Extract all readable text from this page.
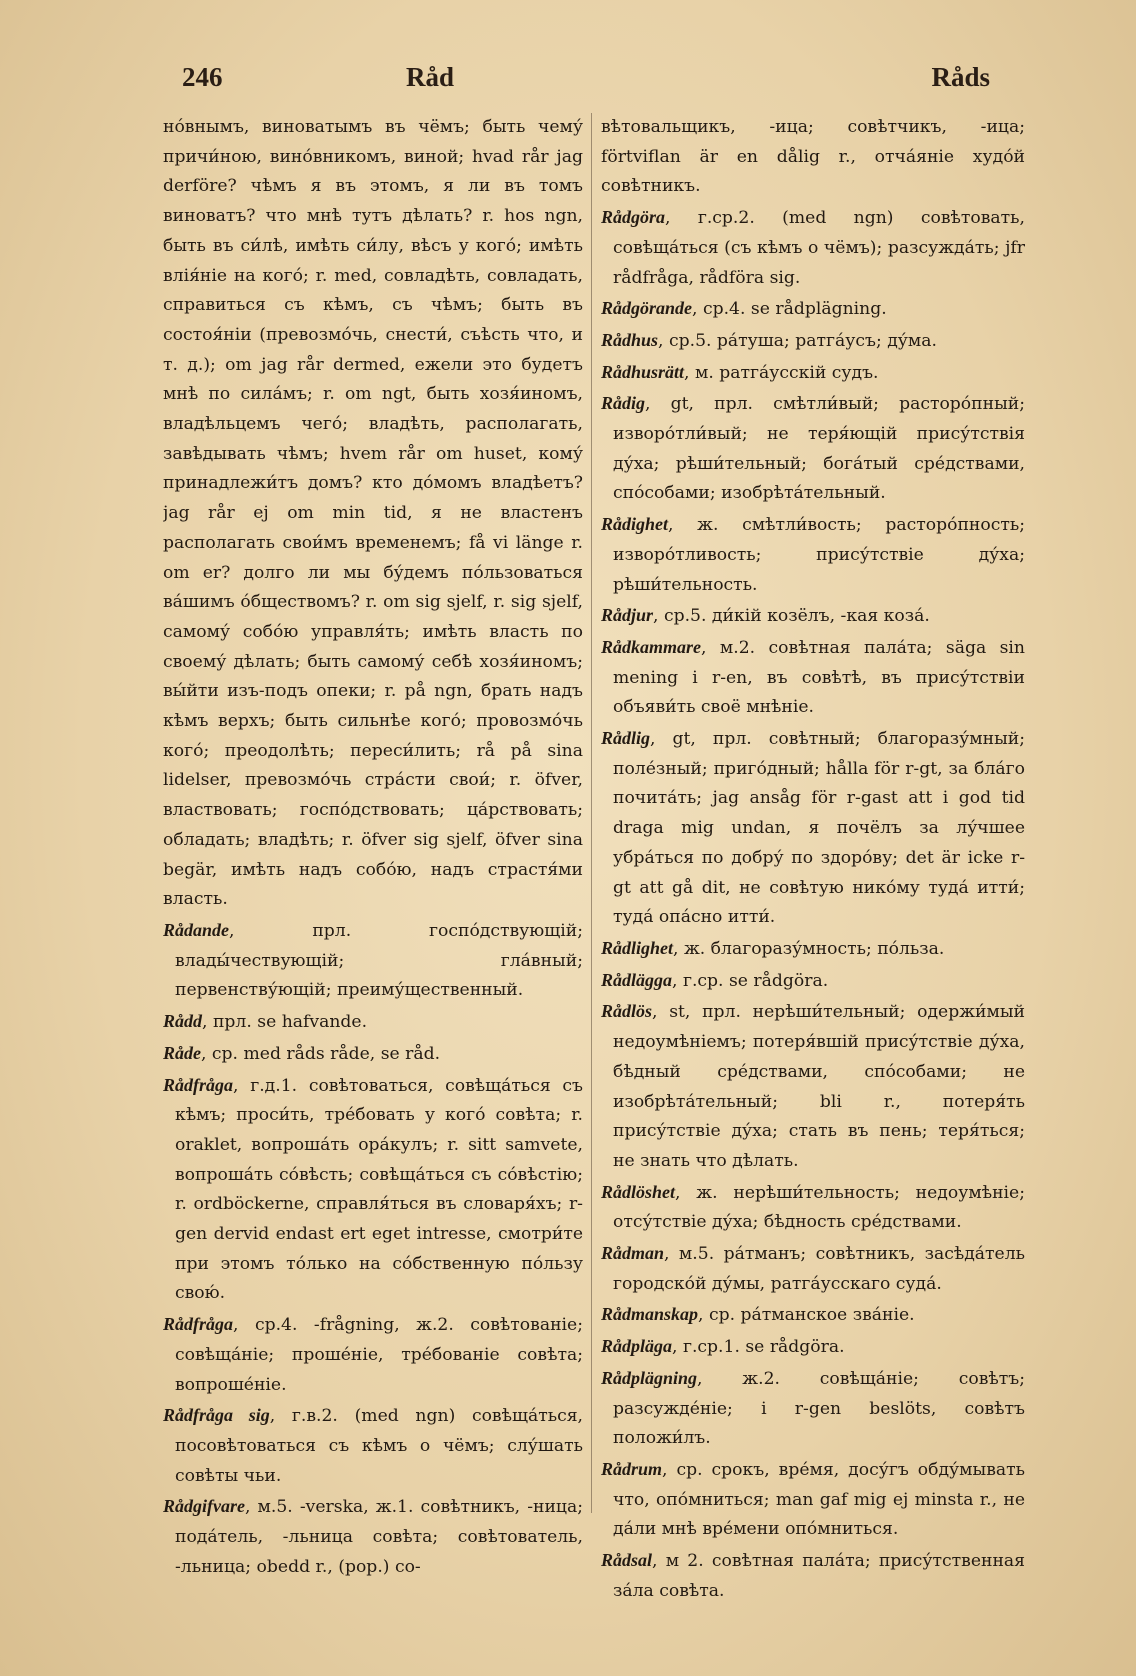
246	Råd	Råds
нóвнымъ, виноватымъ въ чёмъ; быть чему́ причи́ною, вино́вникомъ, виной; hvad rår jag derföre? чѣмъ я въ этомъ, я ли въ томъ виноватъ? что мнѣ тутъ дѣлать? r. hos ngn, быть въ си́лѣ, имѣть си́лу, вѣсъ у кого́; имѣть влія́ніе на кого́; r. med, совладѣть, совладать, справиться съ кѣмъ, съ чѣмъ; быть въ состоя́ніи (превозмо́чь, снести́, съѣсть что, и т. д.); om jag rår dermed, ежели это будетъ мнѣ по сила́мъ; r. om ngt, быть хозя́иномъ, владѣльцемъ чего́; владѣть, располагать, завѣдывать чѣмъ; hvem rår om huset, кому́ принадлежи́тъ домъ? кто до́момъ владѣетъ? jag rår ej om min tid, я не властенъ располагать свои́мъ временемъ; få vi länge r. om er? долго ли мы бу́демъ по́льзоваться ва́шимъ о́бществомъ? r. om sig sjelf, r. sig sjelf, самому́ собо́ю управля́ть; имѣть власть по своему́ дѣлать; быть самому́ себѣ хозя́иномъ; вы́йти изъ-подъ опеки; r. på ngn, брать надъ кѣмъ верхъ; быть сильнѣе кого́; провозмо́чь кого́; преодолѣть; переси́лить; rå på sina lidelser, превозмо́чь стра́сти свои́; r. öfver, властвовать; госпо́дствовать; ца́рствовать; обладать; владѣть; r. öfver sig sjelf, öfver sina begär, имѣть надъ собо́ю, надъ страстя́ми власть.
Rådande, прл. госпо́дствующій; влады́чествующій; гла́вный; первенству́ющій; преиму́щественный.
Rådd, прл. se hafvande.
Råde, ср. med råds råde, se råd.
Rådfråga, г.д.1. совѣтоваться, совѣща́ться съ кѣмъ; проси́ть, тре́бовать у кого́ совѣта; r. oraklet, вопроша́ть ора́кулъ; r. sitt samvete, вопроша́ть со́вѣсть; совѣща́ться съ со́вѣстію; r. ordböckerne, справля́ться въ словаря́хъ; r-gen dervid endast ert eget intresse, смотри́те при этомъ то́лько на со́бственную по́льзу свою́.
Rådfråga, ср.4. -frågning, ж.2. совѣтованіе; совѣща́ніе; проше́ніе, тре́бованіе совѣта; вопроше́ніе.
Rådfråga sig, г.в.2. (med ngn) совѣща́ться, посовѣтоваться съ кѣмъ о чёмъ; слу́шать совѣты чьи.
Rådgifvare, м.5. -verska, ж.1. совѣтникъ, -ница; пода́тель, -льница совѣта; совѣтователь, -льница; obedd r., (рор.) со-
вѣтовальщикъ, -ица; совѣтчикъ, -ица; förtviflan är en dålig r., отча́яніе худо́й совѣтникъ.
Rådgöra, г.ср.2. (med ngn) совѣтовать, совѣща́ться (съ кѣмъ о чёмъ); разсужда́ть; jfr rådfråga, rådföra sig.
Rådgörande, ср.4. se rådplägning.
Rådhus, ср.5. ра́туша; ратга́усъ; ду́ма.
Rådhusrätt, м. ратга́усскій судъ.
Rådig, gt, прл. смѣтли́вый; расторо́пный; изворо́тли́вый; не теря́ющій прису́тствія ду́ха; рѣши́тельный; бога́тый сре́дствами, спо́собами; изобрѣта́тельный.
Rådighet, ж. смѣтли́вость; расторо́пность; изворо́тливость; прису́тствіе ду́ха; рѣши́тельность.
Rådjur, ср.5. ди́кій козёлъ, -кая коза́.
Rådkammare, м.2. совѣтная пала́та; säga sin mening i r-en, въ совѣтѣ, въ прису́тствіи объяви́ть своё мнѣніе.
Rådlig, gt, прл. совѣтный; благоразу́мный; поле́зный; приго́дный; hålla för r-gt, за бла́го почита́ть; jag ansåg för r-gast att i god tid draga mig undan, я почёлъ за лу́чшее убра́ться по добру́ по здоро́ву; det är icke r-gt att gå dit, не совѣтую нико́му туда́ итти́; туда́ опа́сно итти́.
Rådlighet, ж. благоразу́мность; по́льза.
Rådlägga, г.ср. se rådgöra.
Rådlös, st, прл. нерѣши́тельный; одержи́мый недоумѣніемъ; потеря́вшій прису́тствіе ду́ха, бѣдный сре́дствами, спо́собами; не изобрѣта́тельный; bli r., потеря́ть прису́тствіе ду́ха; стать въ пень; теря́ться; не знать что дѣлать.
Rådlöshet, ж. нерѣши́тельность; недоумѣніе; отсу́тствіе ду́ха; бѣдность сре́дствами.
Rådman, м.5. ра́тманъ; совѣтникъ, засѣда́тель городско́й ду́мы, ратга́усскаго суда́.
Rådmanskap, ср. ра́тманское зва́ніе.
Rådpläga, г.ср.1. se rådgöra.
Rådplägning, ж.2. совѣща́ніе; совѣтъ; разсужде́ніе; i r-gen beslöts, совѣтъ положи́лъ.
Rådrum, ср. срокъ, вре́мя, досу́гъ обду́мывать что, опо́мниться; man gaf mig ej minsta r., не да́ли мнѣ вре́мени опо́мниться.
Rådsal, м 2. совѣтная пала́та; прису́тственная за́ла совѣта.
